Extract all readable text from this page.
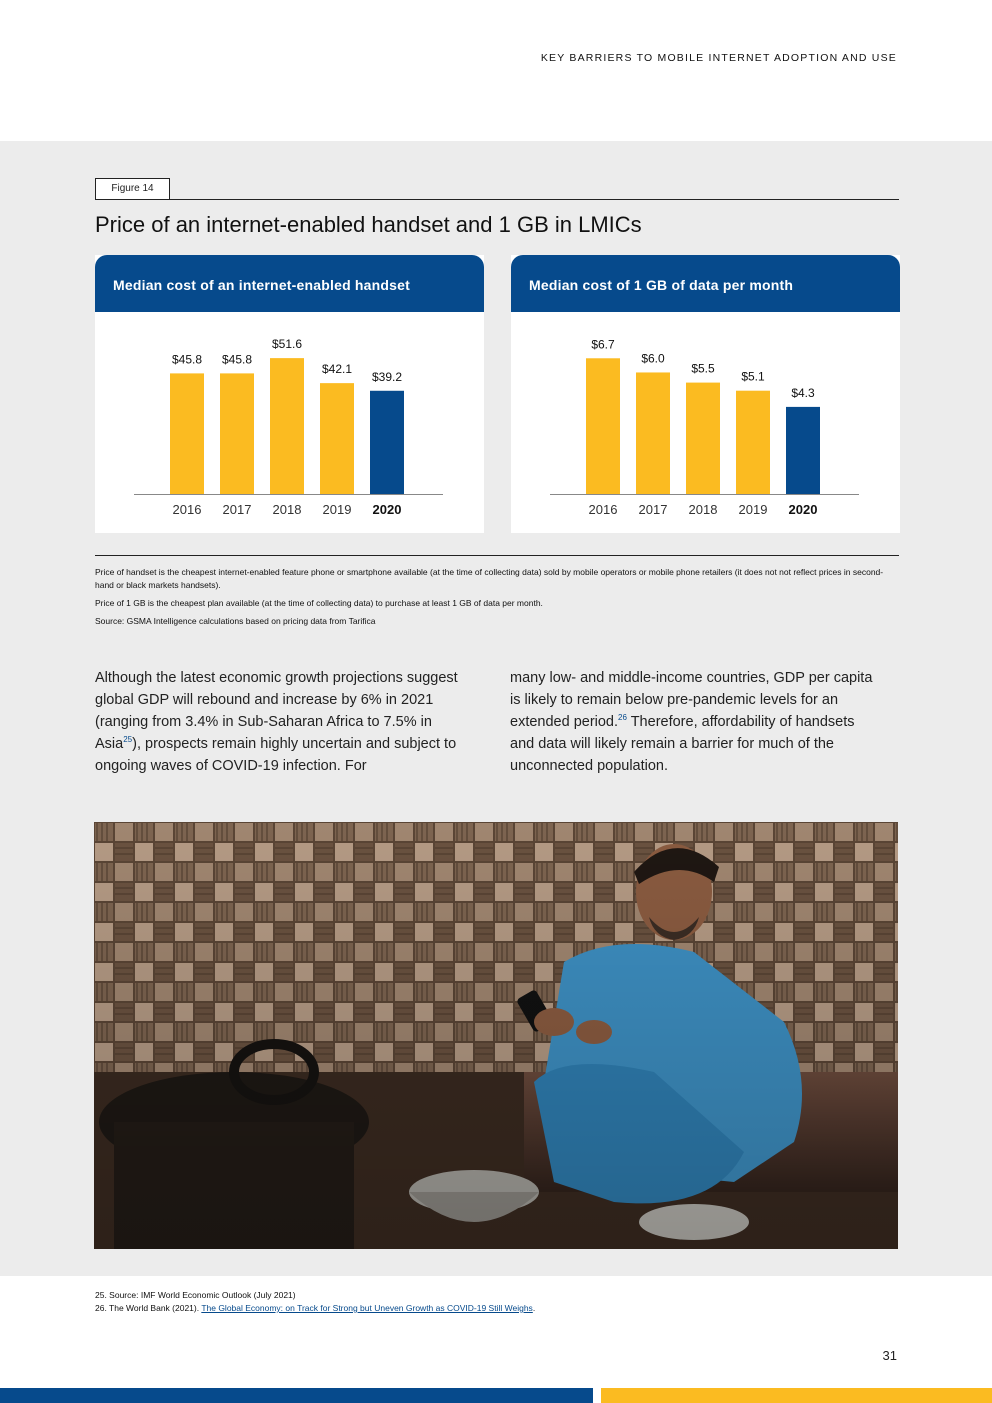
KEY BARRIERS TO MOBILE INTERNET ADOPTION AND USE
Figure 14
Price of an internet-enabled handset and 1 GB in LMICs
Median cost of an internet-enabled handset
$45.8
2016
$45.8
2017
$51.6
2018
$42.1
2019
$39.2
2020
Median cost of 1 GB of data per month
$6.7
2016
$6.0
2017
$5.5
2018
$5.1
2019
$4.3
2020

Price of handset is the cheapest internet-enabled feature phone or smartphone available (at the time of collecting data) sold by mobile operators or mobile phone retailers (it does not not reflect prices in second-hand or black markets handsets).

Price of 1 GB is the cheapest plan available (at the time of collecting data) to purchase at least 1 GB of data per month.

Source: GSMA Intelligence calculations based on pricing data from Tarifica

Although the latest economic growth projections suggest global GDP will rebound and increase by 6% in 2021 (ranging from 3.4% in Sub-Saharan Africa to 7.5% in Asia$^{25}$), prospects remain highly uncertain and subject to ongoing waves of COVID-19 infection. For
many low- and middle-income countries, GDP per capita is likely to remain below pre-pandemic levels for an extended period.$^{26}$ Therefore, affordability of handsets and data will likely remain a barrier for much of the unconnected population.
25. Source: IMF World Economic Outlook (July 2021)
26. The World Bank (2021). The Global Economy: on Track for Strong but Uneven Growth as COVID-19 Still Weighs.
31
